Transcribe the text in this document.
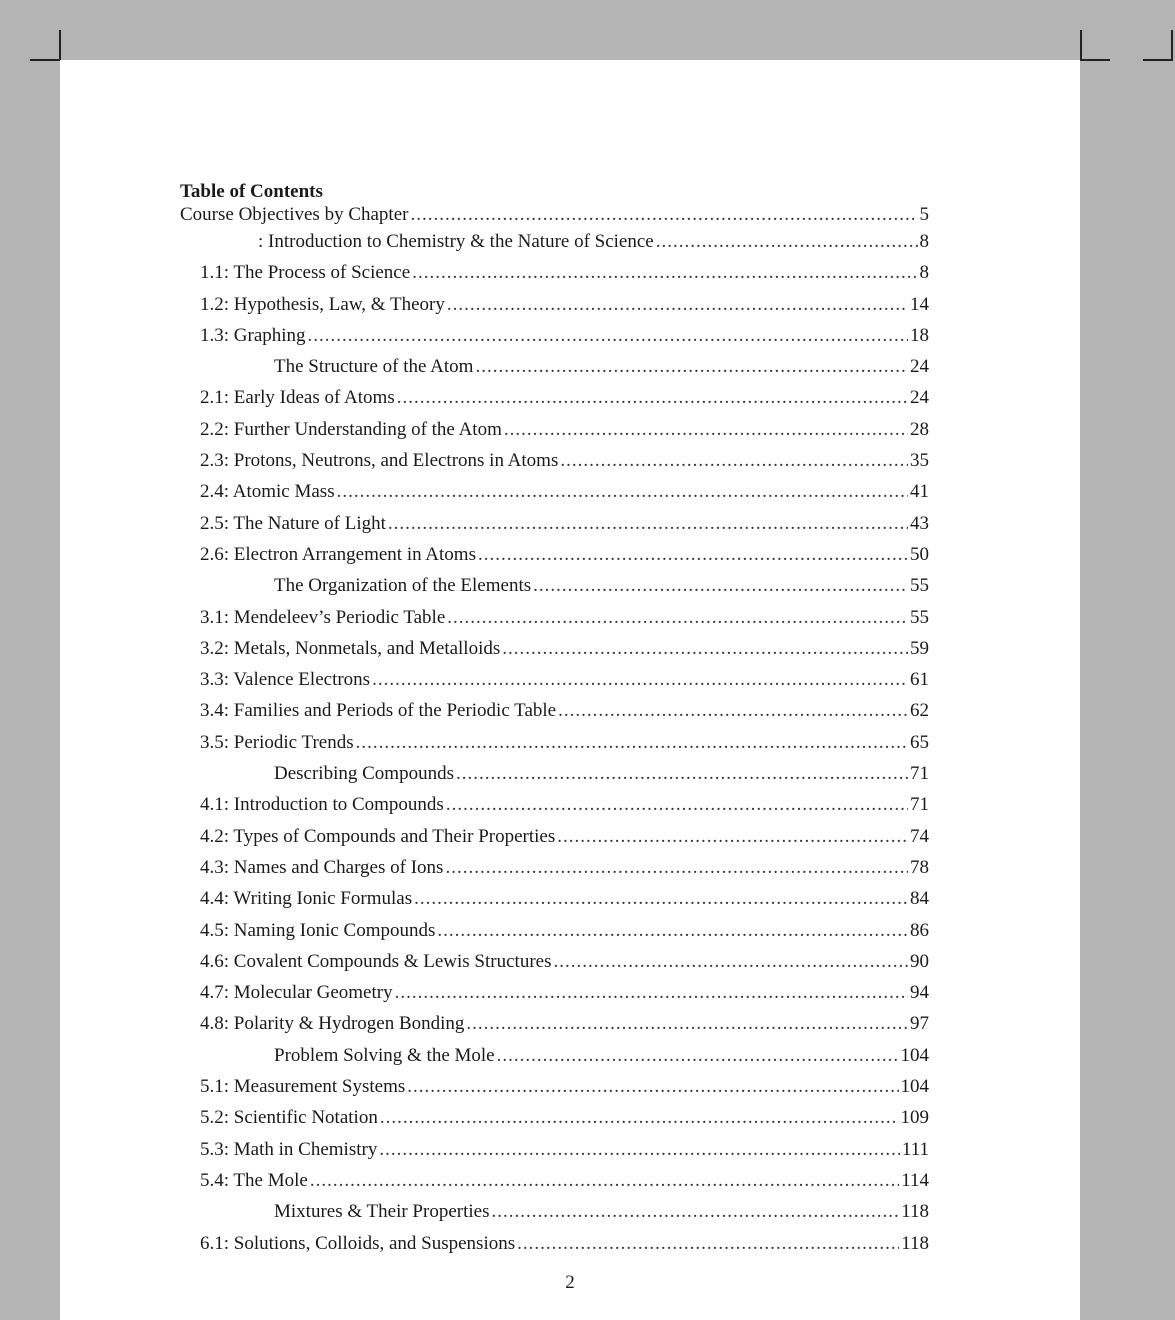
2
Table of Contents
Course Objectives by Chapter .....	5
: Introduction to Chemistry & the Nature of Science .....	8
1.1: The Process of Science .....	8
1.2: Hypothesis, Law, & Theory .....	14
1.3: Graphing .....	18
The Structure of the Atom .....	24
2.1: Early Ideas of Atoms .....	24
2.2: Further Understanding of the Atom .....	28
2.3: Protons, Neutrons, and Electrons in Atoms .....	35
2.4: Atomic Mass .....	41
2.5: The Nature of Light .....	43
2.6: Electron Arrangement in Atoms .....	50
The Organization of the Elements .....	55
3.1: Mendeleev’s Periodic Table .....	55
3.2: Metals, Nonmetals, and Metalloids .....	59
3.3: Valence Electrons .....	61
3.4: Families and Periods of the Periodic Table .....	62
3.5: Periodic Trends .....	65
Describing Compounds .....	71
4.1: Introduction to Compounds .....	71
4.2: Types of Compounds and Their Properties .....	74
4.3: Names and Charges of Ions .....	78
4.4: Writing Ionic Formulas .....	84
4.5: Naming Ionic Compounds .....	86
4.6: Covalent Compounds & Lewis Structures .....	90
4.7: Molecular Geometry .....	94
4.8: Polarity & Hydrogen Bonding .....	97
Problem Solving & the Mole .....	104
5.1: Measurement Systems .....	104
5.2: Scientific Notation .....	109
5.3: Math in Chemistry .....	111
5.4: The Mole .....	114
Mixtures & Their Properties .....	118
6.1: Solutions, Colloids, and Suspensions .....	118
